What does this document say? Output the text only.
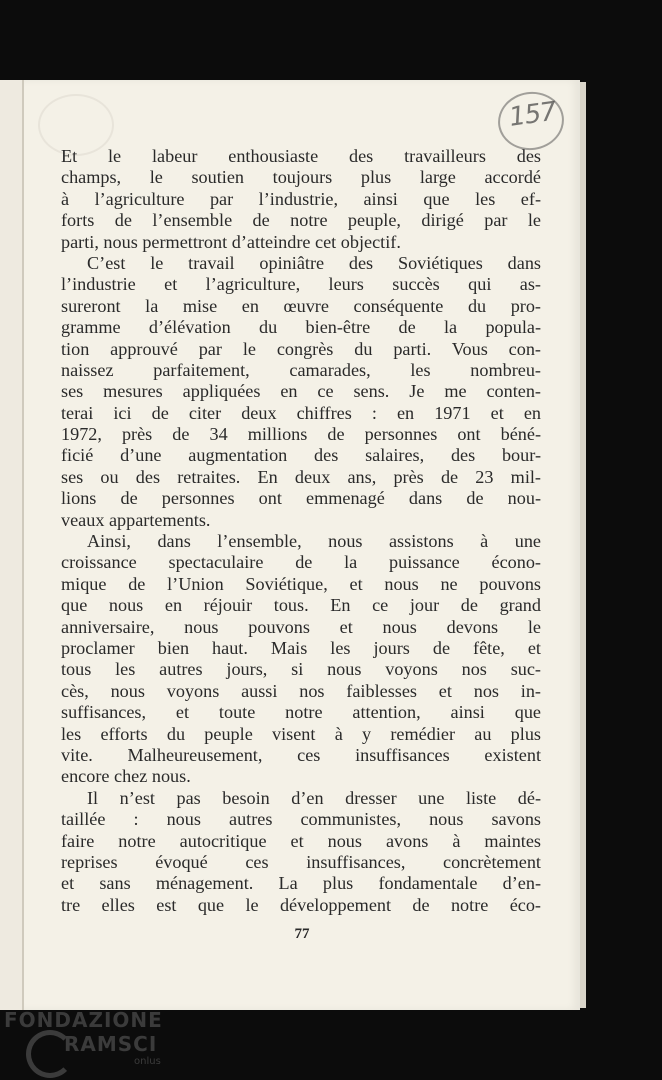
157
Et le labeur enthousiaste des travailleurs des
champs, le soutien toujours plus large accordé
à l’agriculture par l’industrie, ainsi que les ef-
forts de l’ensemble de notre peuple, dirigé par le
parti, nous permettront d’atteindre cet objectif.
C’est le travail opiniâtre des Soviétiques dans
l’industrie et l’agriculture, leurs succès qui as-
sureront la mise en œuvre conséquente du pro-
gramme d’élévation du bien-être de la popula-
tion approuvé par le congrès du parti. Vous con-
naissez parfaitement, camarades, les nombreu-
ses mesures appliquées en ce sens. Je me conten-
terai ici de citer deux chiffres : en 1971 et en
1972, près de 34 millions de personnes ont béné-
ficié d’une augmentation des salaires, des bour-
ses ou des retraites. En deux ans, près de 23 mil-
lions de personnes ont emmenagé dans de nou-
veaux appartements.
Ainsi, dans l’ensemble, nous assistons à une
croissance spectaculaire de la puissance écono-
mique de l’Union Soviétique, et nous ne pouvons
que nous en réjouir tous. En ce jour de grand
anniversaire, nous pouvons et nous devons le
proclamer bien haut. Mais les jours de fête, et
tous les autres jours, si nous voyons nos suc-
cès, nous voyons aussi nos faiblesses et nos in-
suffisances, et toute notre attention, ainsi que
les efforts du peuple visent à y remédier au plus
vite. Malheureusement, ces insuffisances existent
encore chez nous.
Il n’est pas besoin d’en dresser une liste dé-
taillée : nous autres communistes, nous savons
faire notre autocritique et nous avons à maintes
reprises évoqué ces insuffisances, concrètement
et sans ménagement. La plus fondamentale d’en-
tre elles est que le développement de notre éco-
77
FONDAZIONE
RAMSCI
onlus
